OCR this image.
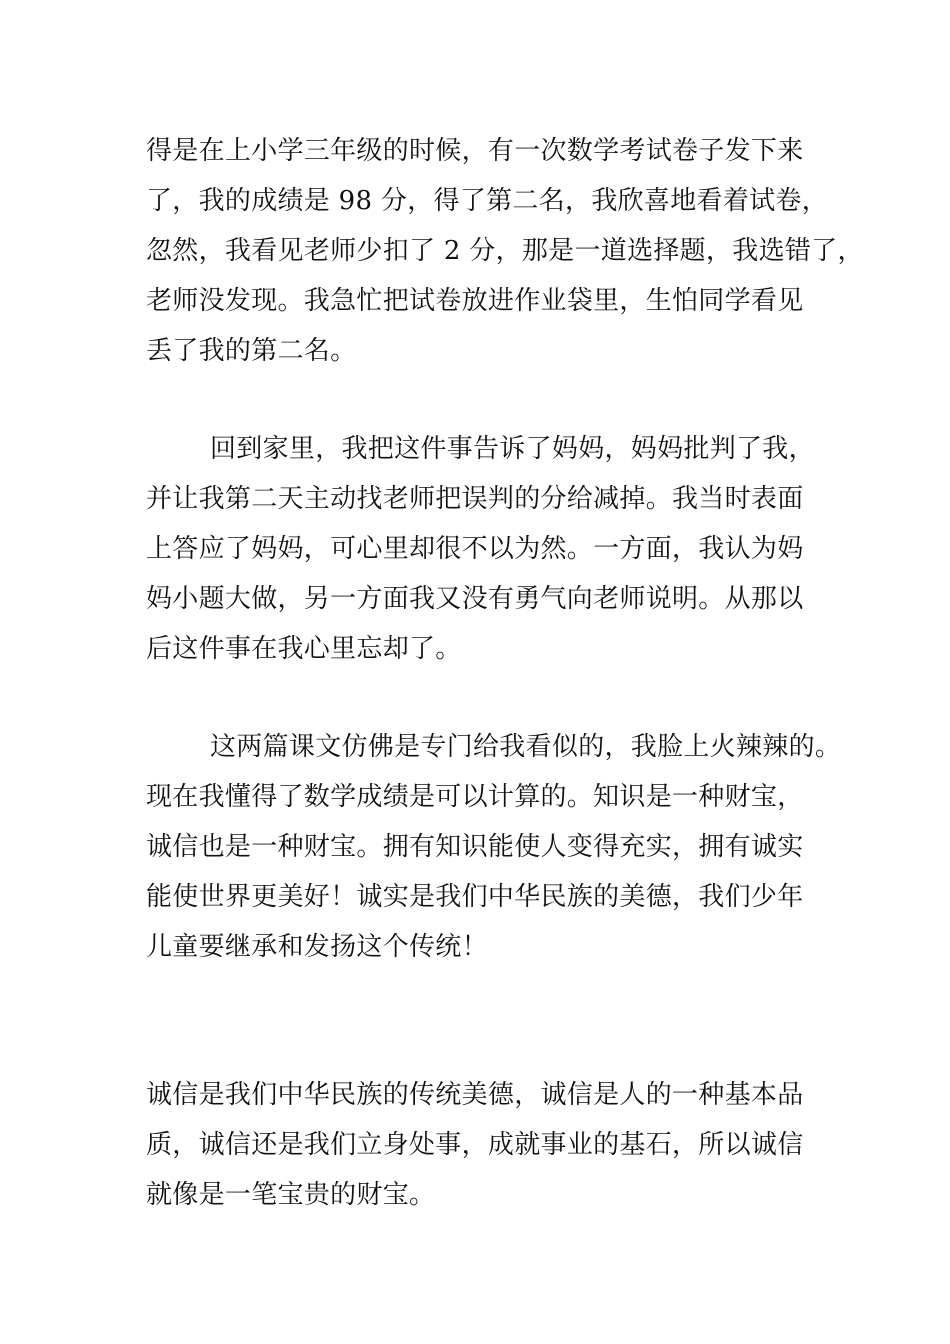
得是在上小学三年级的时候，有一次数学考试卷子发下来

了，我的成绩是 98 分，得了第二名，我欣喜地看着试卷，

忽然，我看见老师少扣了 2 分，那是一道选择题，我选错了，

老师没发现。我急忙把试卷放进作业袋里，生怕同学看见

丢了我的第二名。

回到家里，我把这件事告诉了妈妈，妈妈批判了我，

并让我第二天主动找老师把误判的分给减掉。我当时表面

上答应了妈妈，可心里却很不以为然。一方面，我认为妈

妈小题大做，另一方面我又没有勇气向老师说明。从那以

后这件事在我心里忘却了。

这两篇课文仿佛是专门给我看似的，我脸上火辣辣的。

现在我懂得了数学成绩是可以计算的。知识是一种财宝，

诚信也是一种财宝。拥有知识能使人变得充实，拥有诚实

能使世界更美好！诚实是我们中华民族的美德，我们少年

儿童要继承和发扬这个传统！

诚信是我们中华民族的传统美德，诚信是人的一种基本品

质，诚信还是我们立身处事，成就事业的基石，所以诚信

就像是一笔宝贵的财宝。
